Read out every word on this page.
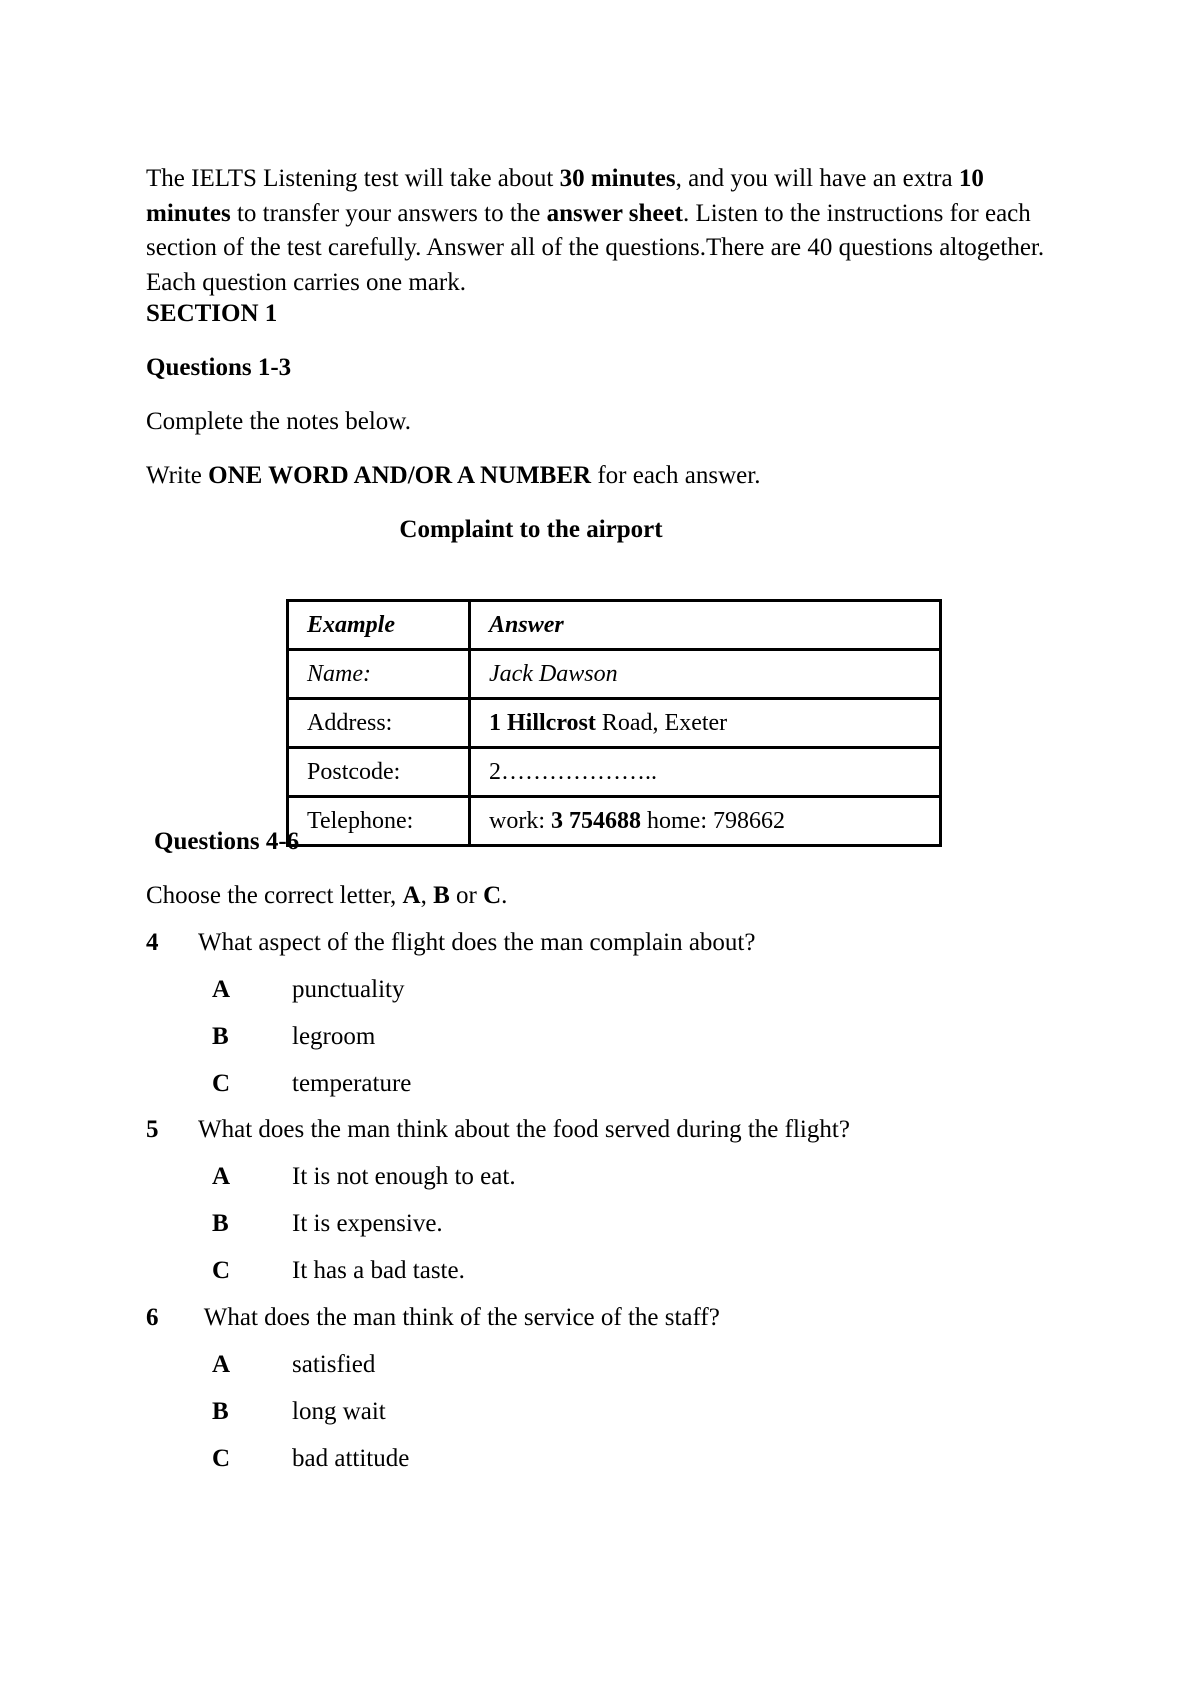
The IELTS Listening test will take about 30 minutes, and you will have an extra 10 minutes to transfer your answers to the answer sheet. Listen to the instructions for each section of the test carefully. Answer all of the questions.There are 40 questions altogether. Each question carries one mark.

SECTION 1
Questions 1-3
Complete the notes below.
Write ONE WORD AND/OR A NUMBER for each answer.
Complaint to the airport
Example	Answer
Name:	Jack Dawson
Address:	1 Hillcrost Road, Exeter
Postcode:	2………………..
Telephone:	work: 3 754688 home: 798662
Questions 4-6
Choose the correct letter, A, B or C.
4 What aspect of the flight does the man complain about?
A punctuality
B	legroom
C temperature
5 What does the man think about the food served during the flight?
A It is not enough to eat.
B	It is expensive.
C It has a bad taste.
6 What does the man think of the service of the staff?
A satisfied
B	long wait
C bad attitude
